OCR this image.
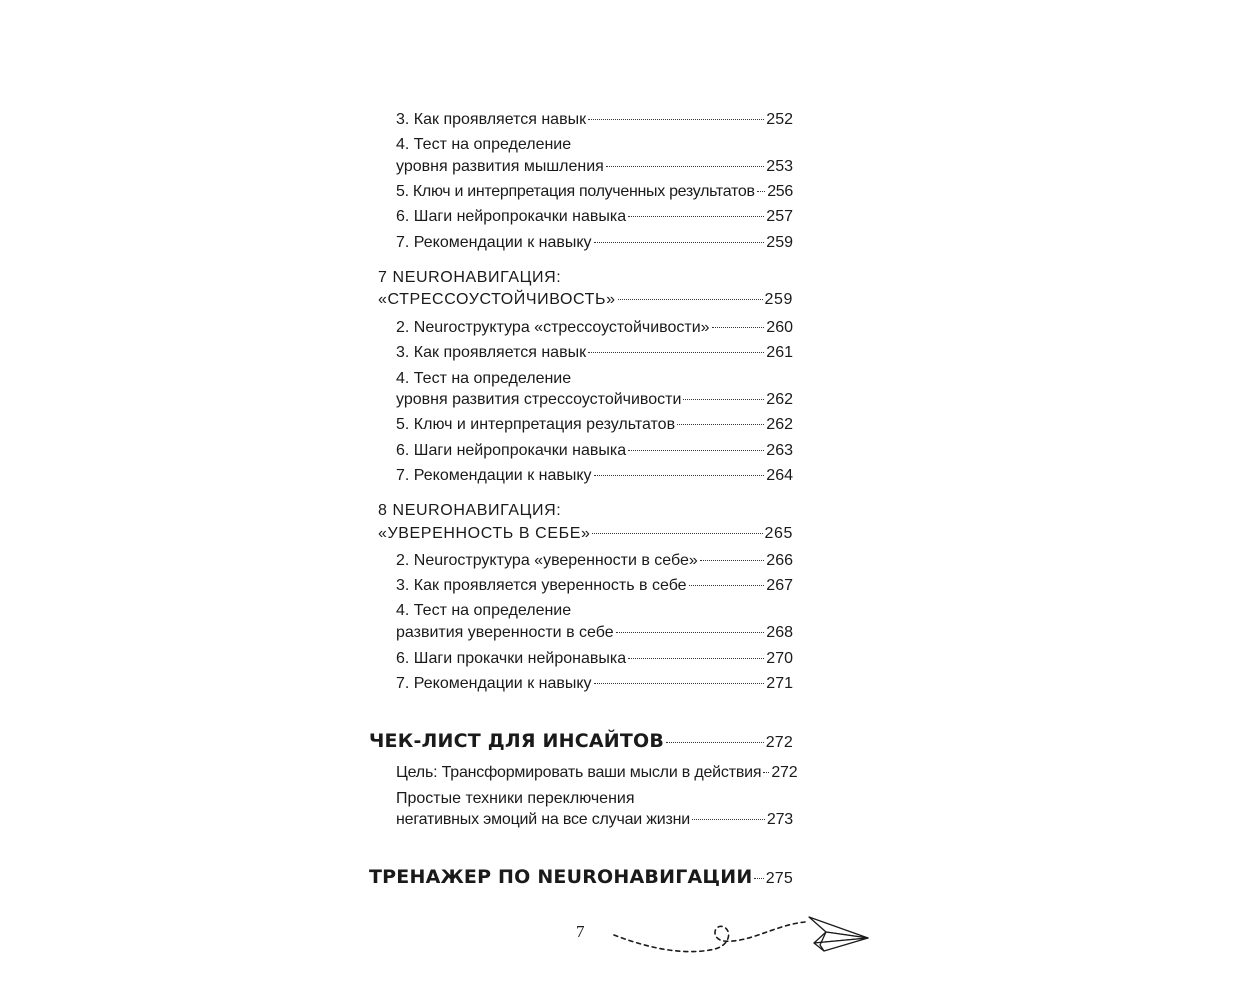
3. Как проявляется навык	252
4. Тест на определение
уровня развития мышления	253
5. Ключ и интерпретация полученных результатов 256
6. Шаги нейропрокачки навыка	257
7. Рекомендации к навыку	259
7 NEURОНАВИГАЦИЯ:
«СТРЕССОУСТОЙЧИВОСТЬ»	259
2. Neurоструктура «стрессоустойчивости»	260
3. Как проявляется навык	261
4. Тест на определение
уровня развития стрессоустойчивости	262
5. Ключ и интерпретация результатов	262
6. Шаги нейропрокачки навыка	263
7. Рекомендации к навыку	264
8 NEURОНАВИГАЦИЯ:
«УВЕРЕННОСТЬ В СЕБЕ»	265
2. Neurоструктура «уверенности в себе»	266
3. Как проявляется уверенность в себе	267
4. Тест на определение
развития уверенности в себе	268
6. Шаги прокачки нейронавыка	270
7. Рекомендации к навыку	271
ЧЕК-ЛИСТ ДЛЯ ИНСАЙТОВ	272
Цель: Трансформировать ваши мысли в действия 272
Простые техники переключения
негативных эмоций на все случаи жизни	273
ТРЕНАЖЕР ПО NEURОНАВИГАЦИИ 275
7
